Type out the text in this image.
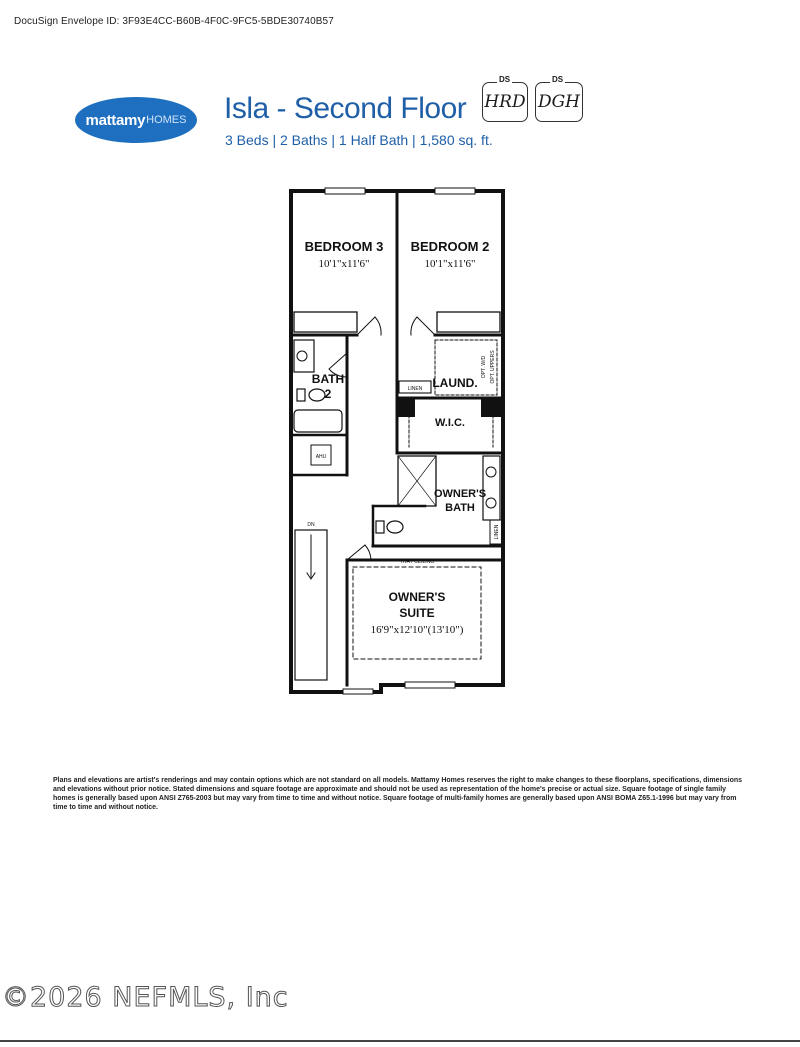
DocuSign Envelope ID: 3F93E4CC-B60B-4F0C-9FC5-5BDE30740B57
mattamy HOMES Isla - Second Floor
3 Beds | 2 Baths | 1 Half Bath | 1,580 sq. ft.
DS
HRD
DS
DGH
BEDROOM 3
10'1"x11'6"
BEDROOM 2
10'1"x11'6"
BATH
2
LAUND.
LINEN
OPT. W/D OPT. UPPERS
W.I.C.
AHU
OWNER'S
BATH
LINEN
DN
TRAY CEILING
OWNER'S
SUITE
16'9"x12'10"(13'10")
Plans and elevations are artist's renderings and may contain options which are not standard on all models. Mattamy Homes reserves the right to make changes to these floorplans, specifications, dimensions and elevations without prior notice. Stated dimensions and square footage are approximate and should not be used as representation of the home's precise or actual size. Square footage of single family homes is generally based upon ANSI Z765-2003 but may vary from time to time and without notice. Square footage of multi-family homes are generally based upon ANSI BOMA Z65.1-1996 but may vary from time to time and without notice.
©2026 NEFMLS, Inc
